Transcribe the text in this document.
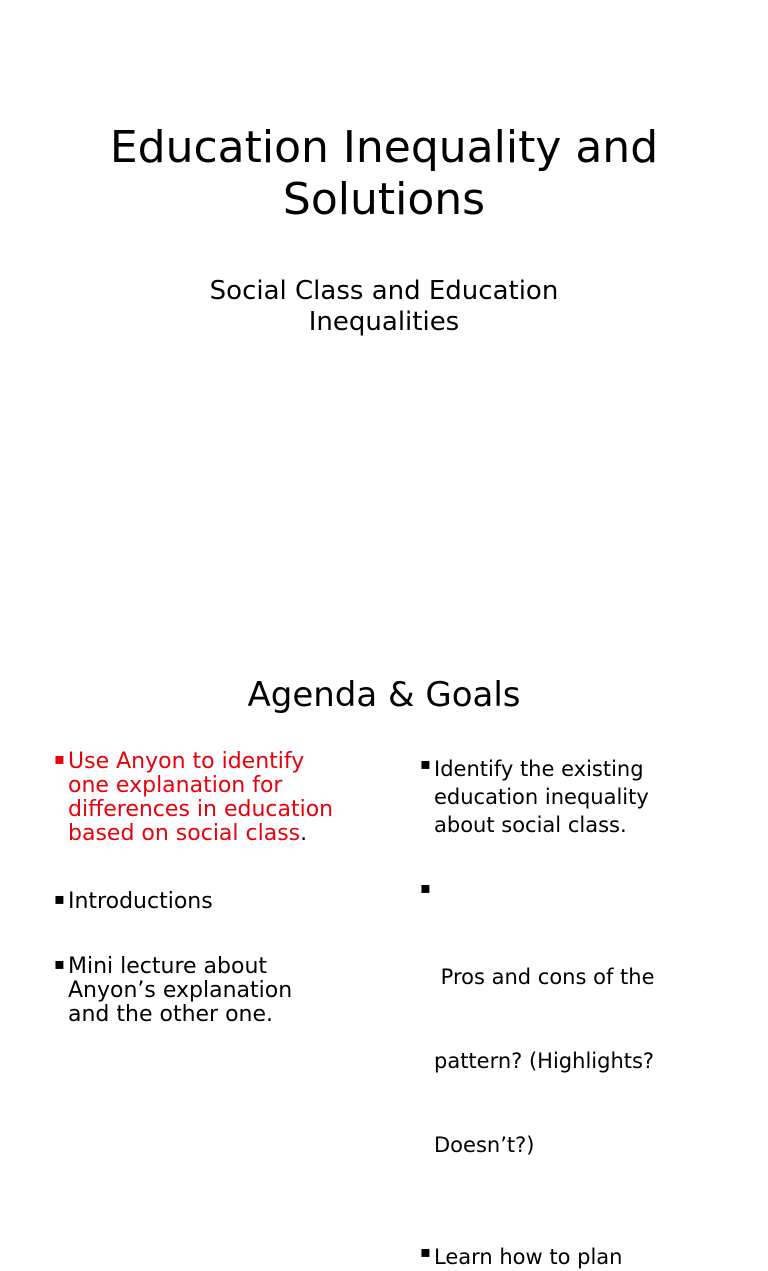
Education Inequality and
Solutions
Social Class and Education
Inequalities
Agenda & Goals
▪ Use Anyon to identify
one explanation for
differences in education
based on social class.
▪ Introductions
▪ Mini lecture about
Anyon’s explanation
and the other one.
▪ Identify the existing
education inequality
about social class.

▪

Pros and cons of the

pattern? (Highlights?

Doesn’t?)

▪ Learn how to plan
